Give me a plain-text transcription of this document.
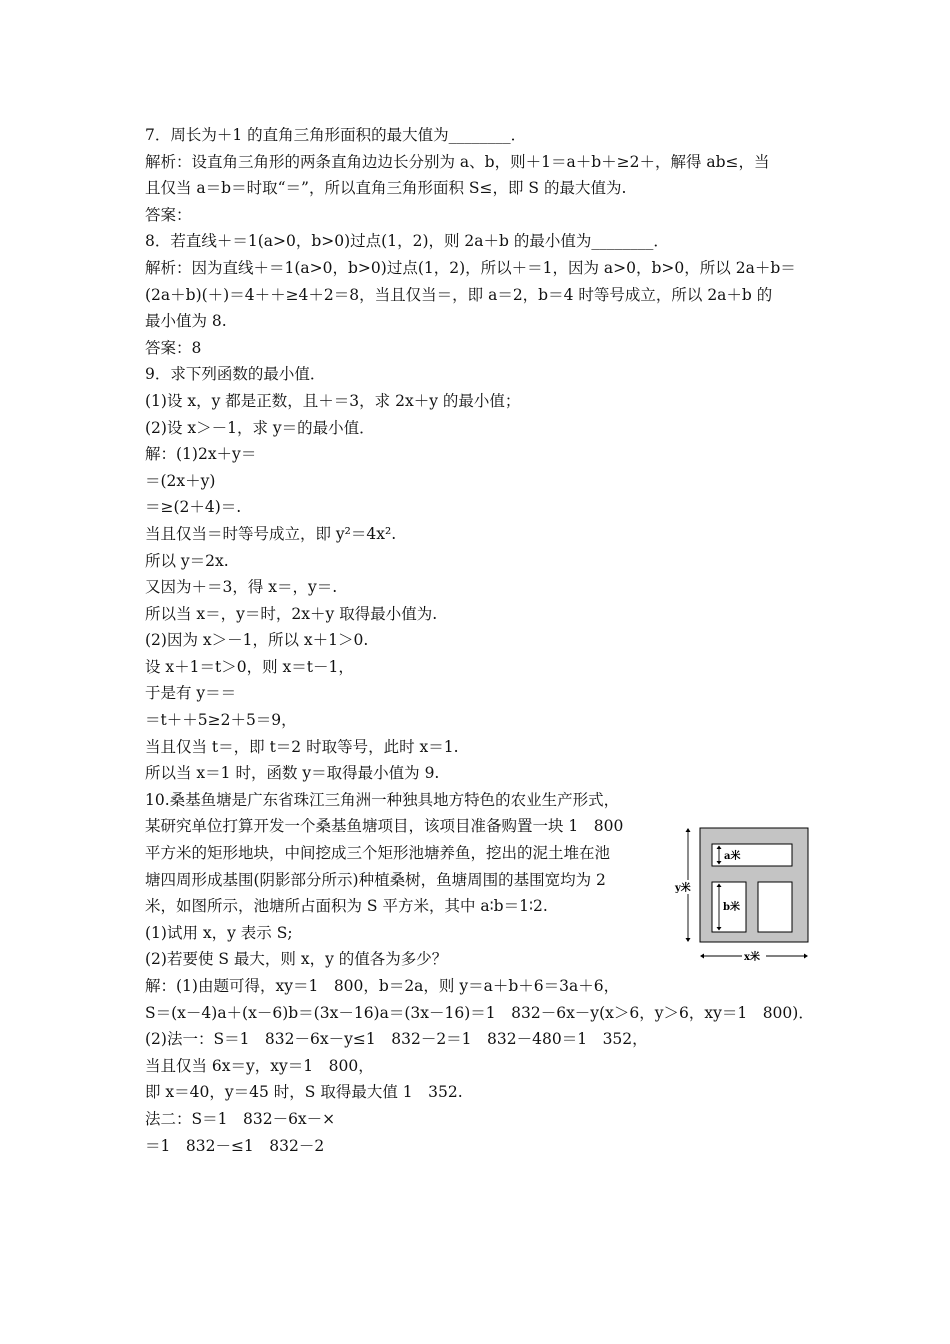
7．周长为＋1 的直角三角形面积的最大值为________．
解析：设直角三角形的两条直角边边长分别为 a、b，则＋1＝a＋b＋≥2＋，解得 ab≤，当
且仅当 a＝b＝时取“＝”，所以直角三角形面积 S≤，即 S 的最大值为.
答案：
8．若直线＋＝1(a>0，b>0)过点(1，2)，则 2a＋b 的最小值为________．
解析：因为直线＋＝1(a>0，b>0)过点(1，2)，所以＋＝1，因为 a>0，b>0，所以 2a＋b＝
(2a＋b)(＋)＝4＋＋≥4＋2＝8，当且仅当＝，即 a＝2，b＝4 时等号成立，所以 2a＋b 的
最小值为 8.
答案：8
9．求下列函数的最小值．
(1)设 x，y 都是正数，且＋＝3，求 2x＋y 的最小值；
(2)设 x＞－1，求 y＝的最小值．
解：(1)2x＋y＝
＝(2x＋y)
＝≥(2＋4)＝.
当且仅当＝时等号成立，即 y²＝4x².
所以 y＝2x.
又因为＋＝3，得 x＝，y＝.
所以当 x＝，y＝时，2x＋y 取得最小值为.
(2)因为 x＞－1，所以 x＋1＞0.
设 x＋1＝t＞0，则 x＝t－1，
于是有 y＝＝
＝t＋＋5≥2＋5＝9，
当且仅当 t＝，即 t＝2 时取等号，此时 x＝1.
所以当 x＝1 时，函数 y＝取得最小值为 9.
10.桑基鱼塘是广东省珠江三角洲一种独具地方特色的农业生产形式，
某研究单位打算开发一个桑基鱼塘项目，该项目准备购置一块 1　800
平方米的矩形地块，中间挖成三个矩形池塘养鱼，挖出的泥土堆在池
塘四周形成基围(阴影部分所示)种植桑树，鱼塘周围的基围宽均为 2
米，如图所示，池塘所占面积为 S 平方米，其中 a∶b＝1∶2.
(1)试用 x，y 表示 S;
(2)若要使 S 最大，则 x，y 的值各为多少？
解：(1)由题可得，xy＝1　800，b＝2a，则 y＝a＋b＋6＝3a＋6，
S＝(x－4)a＋(x－6)b＝(3x－16)a＝(3x－16)＝1　832－6x－y(x＞6，y＞6，xy＝1　800)．
(2)法一：S＝1　832－6x－y≤1　832－2＝1　832－480＝1　352，
当且仅当 6x＝y，xy＝1　800，
即 x＝40，y＝45 时，S 取得最大值 1　352.
法二：S＝1　832－6x－×
＝1　832－≤1　832－2
a米
b米
y米
x米
